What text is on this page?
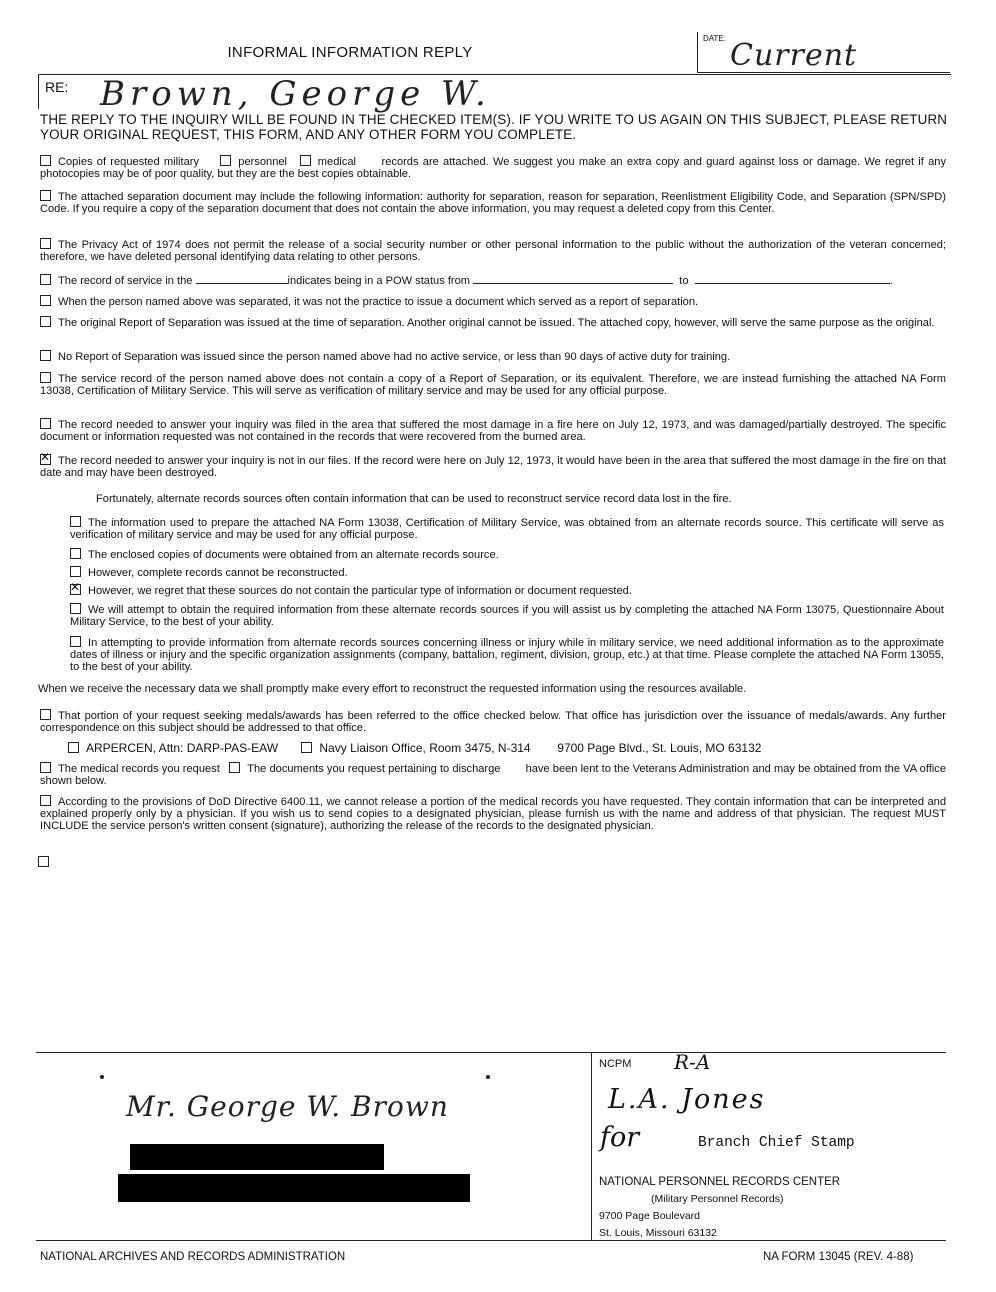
INFORMAL INFORMATION REPLY
DATE: Current
RE: Brown, George W.
THE REPLY TO THE INQUIRY WILL BE FOUND IN THE CHECKED ITEM(S). IF YOU WRITE TO US AGAIN ON THIS SUBJECT, PLEASE RETURN YOUR ORIGINAL REQUEST, THIS FORM, AND ANY OTHER FORM YOU COMPLETE.
Copies of requested military	personnel	medical records are attached. We suggest you make an extra copy and guard against loss or damage. We regret if any photocopies may be of poor quality, but they are the best copies obtainable.
The attached separation document may include the following information: authority for separation, reason for separation, Reenlistment Eligibility Code, and Separation (SPN/SPD) Code. If you require a copy of the separation document that does not contain the above information, you may request a deleted copy from this Center.
The Privacy Act of 1974 does not permit the release of a social security number or other personal information to the public without the authorization of the veteran concerned; therefore, we have deleted personal identifying data relating to other persons.
The record of service in the	indicates being in a POW status from	to	.
When the person named above was separated, it was not the practice to issue a document which served as a report of separation.
The original Report of Separation was issued at the time of separation. Another original cannot be issued. The attached copy, however, will serve the same purpose as the original.
No Report of Separation was issued since the person named above had no active service, or less than 90 days of active duty for training.
The service record of the person named above does not contain a copy of a Report of Separation, or its equivalent. Therefore, we are instead furnishing the attached NA Form 13038, Certification of Military Service. This will serve as verification of military service and may be used for any official purpose.
The record needed to answer your inquiry was filed in the area that suffered the most damage in a fire here on July 12, 1973, and was damaged/partially destroyed. The specific document or information requested was not contained in the records that were recovered from the burned area.
✕The record needed to answer your inquiry is not in our files. If the record were here on July 12, 1973, it would have been in the area that suffered the most damage in the fire on that date and may have been destroyed.
Fortunately, alternate records sources often contain information that can be used to reconstruct service record data lost in the fire.
The information used to prepare the attached NA Form 13038, Certification of Military Service, was obtained from an alternate records source. This certificate will serve as verification of military service and may be used for any official purpose.
The enclosed copies of documents were obtained from an alternate records source.
However, complete records cannot be reconstructed.
✕However, we regret that these sources do not contain the particular type of information or document requested.
We will attempt to obtain the required information from these alternate records sources if you will assist us by completing the attached NA Form 13075, Questionnaire About Military Service, to the best of your ability.
In attempting to provide information from alternate records sources concerning illness or injury while in military service, we need additional information as to the approximate dates of illness or injury and the specific organization assignments (company, battalion, regiment, division, group, etc.) at that time. Please complete the attached NA Form 13055, to the best of your ability.
When we receive the necessary data we shall promptly make every effort to reconstruct the requested information using the resources available.
That portion of your request seeking medals/awards has been referred to the office checked below. That office has jurisdiction over the issuance of medals/awards. Any further correspondence on this subject should be addressed to that office.
ARPERCEN, Attn: DARP-PAS-EAW	Navy Liaison Office, Room 3475, N-314 9700 Page Blvd., St. Louis, MO 63132
The medical records you request The documents you request pertaining to discharge have been lent to the Veterans Administration and may be obtained from the VA office shown below.
According to the provisions of DoD Directive 6400.11, we cannot release a portion of the medical records you have requested. They contain information that can be interpreted and explained properly only by a physician. If you wish us to send copies to a designated physician, please furnish us with the name and address of that physician. The request MUST INCLUDE the service person's written consent (signature), authorizing the release of the records to the designated physician.
Mr. George W. Brown
NCPM R-A
L.A. Jones
for	Branch Chief Stamp
NATIONAL PERSONNEL RECORDS CENTER
(Military Personnel Records)
9700 Page Boulevard
St. Louis, Missouri 63132
NATIONAL ARCHIVES AND RECORDS ADMINISTRATION	NA FORM 13045 (REV. 4-88)
